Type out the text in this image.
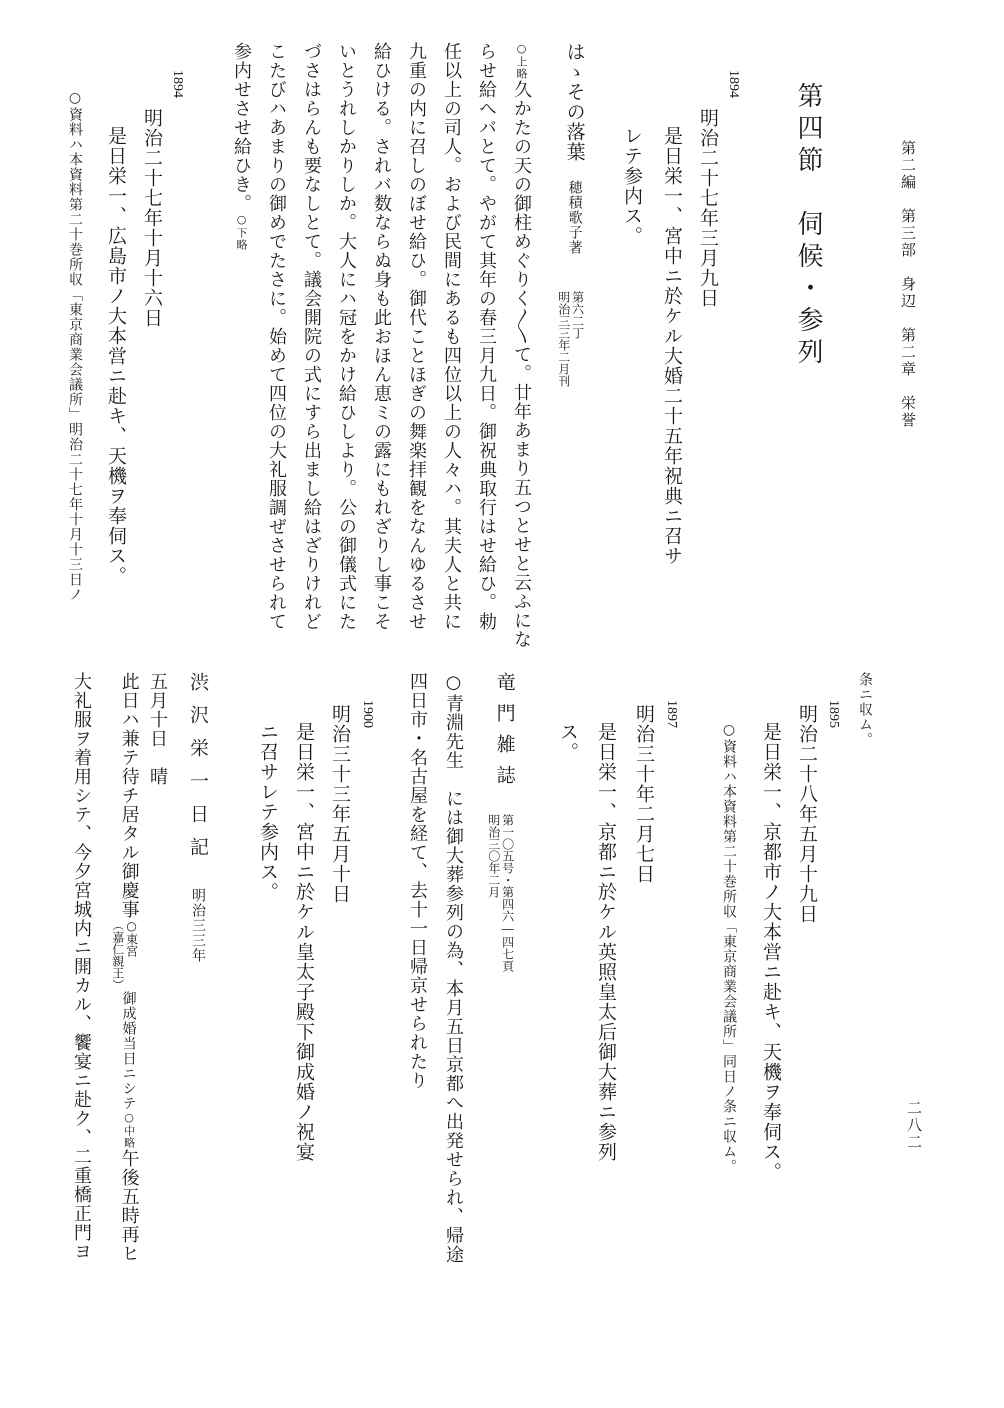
第二編　第三部　身辺　第二章　栄誉
二八二
第四節　伺候・参列
1894
明治二十七年三月九日
是日栄一、宮中ニ於ケル大婚二十五年祝典ニ召サ
レテ参内ス。
はゝその落葉穂積歌子著第六二丁
明治三三年二月刊
○上略久かたの天の御柱めぐりく〳〵て。廿年あまり五つとせと云ふにな
らせ給へバとて。やがて其年の春三月九日。御祝典取行はせ給ひ。勅
任以上の司人。および民間にあるも四位以上の人々ハ。其夫人と共に
九重の内に召しのぼせ給ひ。御代ことほぎの舞楽拝観をなんゆるさせ
給ひける。されバ数ならぬ身も此おほん恵ミの露にもれざりし事こそ
いとうれしかりしか。大人にハ冠をかけ給ひしより。公の御儀式にた
づさはらんも要なしとて。議会開院の式にすら出まし給はざりけれど
こたびハあまりの御めでたさに。始めて四位の大礼服調ぜさせられて
参内せさせ給ひき。○下略
1894
明治二十七年十月十六日
是日栄一、広島市ノ大本営ニ赴キ、天機ヲ奉伺ス。
○資料ハ本資料第二十巻所収「東京商業会議所」明治二十七年十月十三日ノ
条ニ収ム。
1895
明治二十八年五月十九日
是日栄一、京都市ノ大本営ニ赴キ、天機ヲ奉伺ス。
○資料ハ本資料第二十巻所収「東京商業会議所」同日ノ条ニ収ム。
1897
明治三十年二月七日
是日栄一、京都ニ於ケル英照皇太后御大葬ニ参列
ス。
竜門雑誌第一〇五号・第四六―四七頁
明治三〇年二月
○青淵先生　には御大葬参列の為、本月五日京都へ出発せられ、帰途
四日市・名古屋を経て、去十一日帰京せられたり
1900
明治三十三年五月十日
是日栄一、宮中ニ於ケル皇太子殿下御成婚ノ祝宴
ニ召サレテ参内ス。
渋沢栄一日記明治三三年
五月十日　晴
此日ハ兼テ待チ居タル御慶事○東宮
（嘉仁親王）御成婚当日ニシテ○中略午後五時再ヒ
大礼服ヲ着用シテ、今夕宮城内ニ開カル、饗宴ニ赴ク、二重橋正門ヨ
